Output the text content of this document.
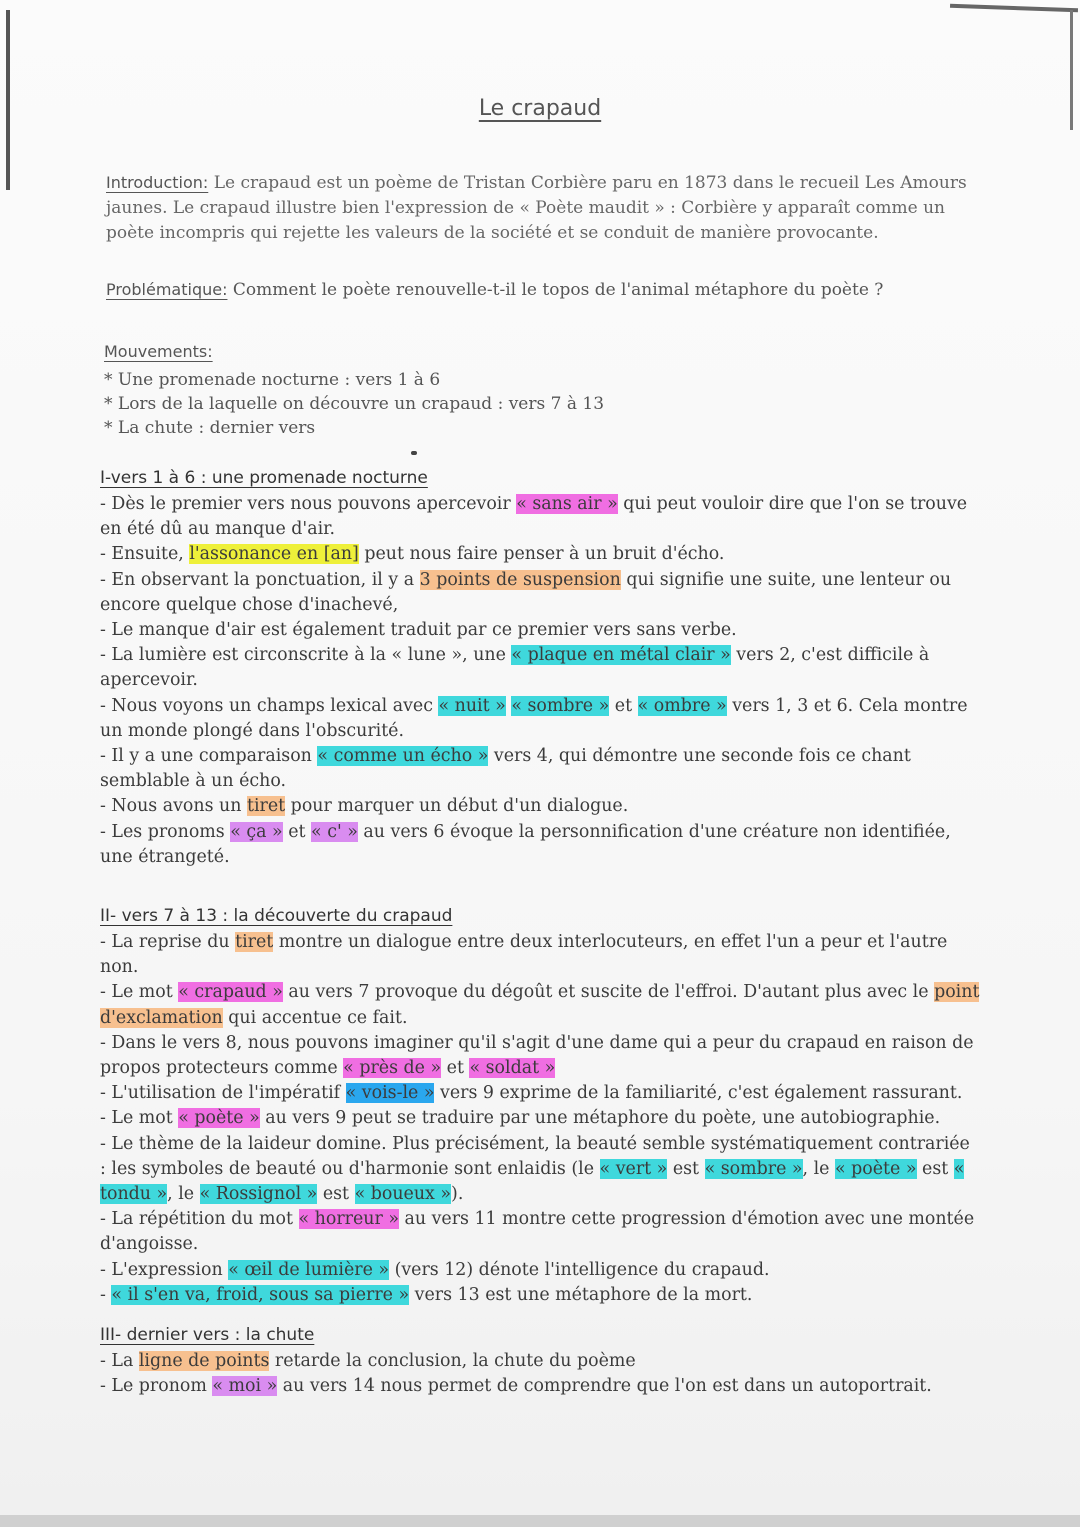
Le crapaud
Introduction: Le crapaud est un poème de Tristan Corbière paru en 1873 dans le recueil Les Amours jaunes. Le crapaud illustre bien l'expression de « Poète maudit » : Corbière y apparaît comme un poète incompris qui rejette les valeurs de la société et se conduit de manière provocante.
Problématique: Comment le poète renouvelle-t-il le topos de l'animal métaphore du poète ?
Mouvements:
* Une promenade nocturne : vers 1 à 6
* Lors de la laquelle on découvre un crapaud : vers 7 à 13
* La chute : dernier vers
I-vers 1 à 6 : une promenade nocturne
- Dès le premier vers nous pouvons apercevoir « sans air » qui peut vouloir dire que l'on se trouve en été dû au manque d'air.
- Ensuite, l'assonance en [an] peut nous faire penser à un bruit d'écho.
- En observant la ponctuation, il y a 3 points de suspension qui signifie une suite, une lenteur ou encore quelque chose d'inachevé,
- Le manque d'air est également traduit par ce premier vers sans verbe.
- La lumière est circonscrite à la « lune », une « plaque en métal clair » vers 2, c'est difficile à apercevoir.
- Nous voyons un champs lexical avec « nuit » « sombre » et « ombre » vers 1, 3 et 6. Cela montre un monde plongé dans l'obscurité.
- Il y a une comparaison « comme un écho » vers 4, qui démontre une seconde fois ce chant semblable à un écho.
- Nous avons un tiret pour marquer un début d'un dialogue.
- Les pronoms « ça » et « c' » au vers 6 évoque la personnification d'une créature non identifiée, une étrangeté.
II- vers 7 à 13 : la découverte du crapaud
- La reprise du tiret montre un dialogue entre deux interlocuteurs, en effet l'un a peur et l'autre non.
- Le mot « crapaud » au vers 7 provoque du dégoût et suscite de l'effroi. D'autant plus avec le point d'exclamation qui accentue ce fait.
- Dans le vers 8, nous pouvons imaginer qu'il s'agit d'une dame qui a peur du crapaud en raison de propos protecteurs comme « près de » et « soldat »
- L'utilisation de l'impératif « vois-le » vers 9 exprime de la familiarité, c'est également rassurant.
- Le mot « poète » au vers 9 peut se traduire par une métaphore du poète, une autobiographie.
- Le thème de la laideur domine. Plus précisément, la beauté semble systématiquement contrariée : les symboles de beauté ou d'harmonie sont enlaidis (le « vert » est « sombre », le « poète » est « tondu », le « Rossignol » est « boueux »).
- La répétition du mot « horreur » au vers 11 montre cette progression d'émotion avec une montée d'angoisse.
- L'expression « œil de lumière » (vers 12) dénote l'intelligence du crapaud.
- « il s'en va, froid, sous sa pierre » vers 13 est une métaphore de la mort.
III- dernier vers : la chute
- La ligne de points retarde la conclusion, la chute du poème
- Le pronom « moi » au vers 14 nous permet de comprendre que l'on est dans un autoportrait.
